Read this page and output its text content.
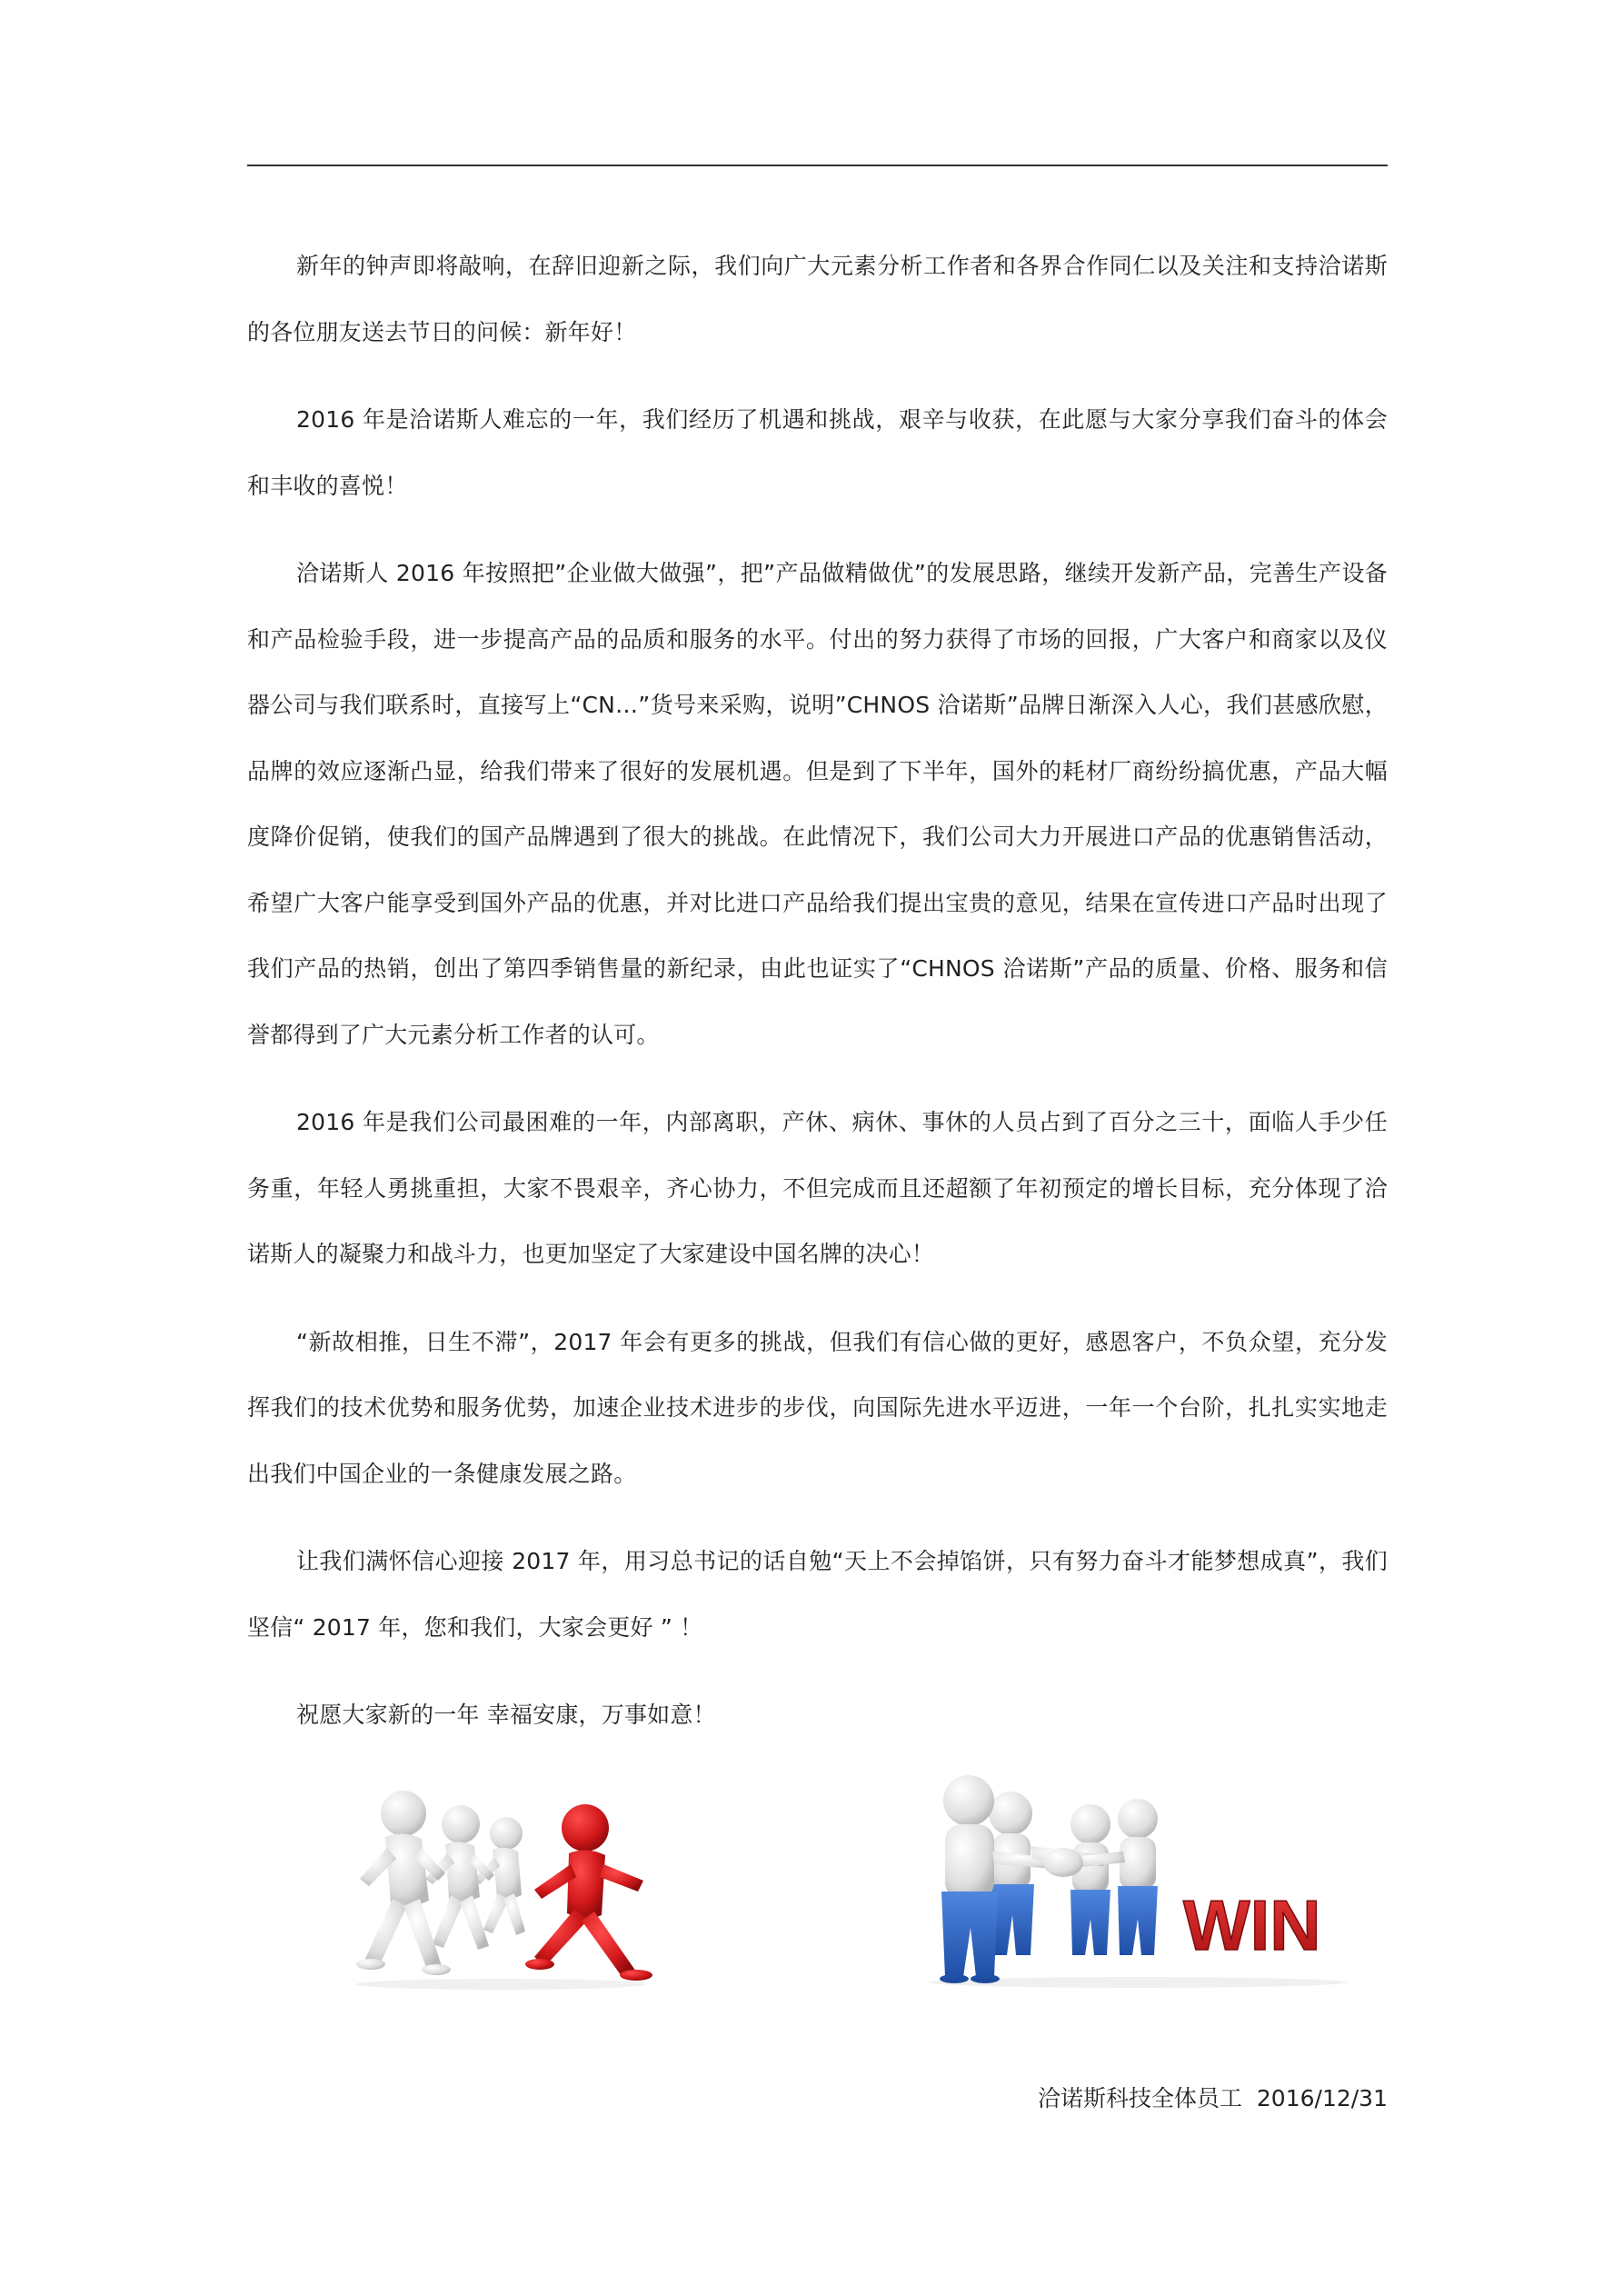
新年的钟声即将敲响，在辞旧迎新之际，我们向广大元素分析工作者和各界合作同仁以及关注和支持洽诺斯的各位朋友送去节日的问候：新年好！

2016 年是洽诺斯人难忘的一年，我们经历了机遇和挑战，艰辛与收获，在此愿与大家分享我们奋斗的体会和丰收的喜悦！

洽诺斯人 2016 年按照把”企业做大做强”，把”产品做精做优”的发展思路，继续开发新产品，完善生产设备和产品检验手段，进一步提高产品的品质和服务的水平。付出的努力获得了市场的回报，广大客户和商家以及仪器公司与我们联系时，直接写上“CN…”货号来采购，说明”CHNOS 洽诺斯”品牌日渐深入人心，我们甚感欣慰，品牌的效应逐渐凸显，给我们带来了很好的发展机遇。但是到了下半年，国外的耗材厂商纷纷搞优惠，产品大幅度降价促销，使我们的国产品牌遇到了很大的挑战。在此情况下，我们公司大力开展进口产品的优惠销售活动，希望广大客户能享受到国外产品的优惠，并对比进口产品给我们提出宝贵的意见，结果在宣传进口产品时出现了我们产品的热销，创出了第四季销售量的新纪录，由此也证实了“CHNOS 洽诺斯”产品的质量、价格、服务和信誉都得到了广大元素分析工作者的认可。

2016 年是我们公司最困难的一年，内部离职，产休、病休、事休的人员占到了百分之三十，面临人手少任务重，年轻人勇挑重担，大家不畏艰辛，齐心协力，不但完成而且还超额了年初预定的增长目标，充分体现了洽诺斯人的凝聚力和战斗力，也更加坚定了大家建设中国名牌的决心！

“新故相推，日生不滞”，2017 年会有更多的挑战，但我们有信心做的更好，感恩客户，不负众望，充分发挥我们的技术优势和服务优势，加速企业技术进步的步伐，向国际先进水平迈进，一年一个台阶，扎扎实实地走出我们中国企业的一条健康发展之路。

让我们满怀信心迎接 2017 年，用习总书记的话自勉“天上不会掉馅饼，只有努力奋斗才能梦想成真”，我们坚信“ 2017 年，您和我们，大家会更好 ” ！

祝愿大家新的一年 幸福安康，万事如意！

WIN
洽诺斯科技全体员工  2016/12/31
